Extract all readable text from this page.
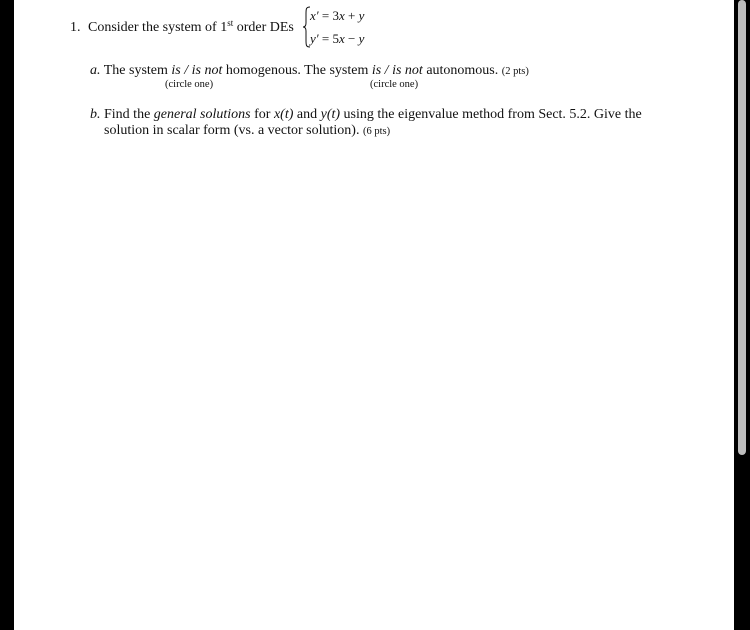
1. Consider the system of 1st order DEs
x′ = 3x + y
y′ = 5x − y
a. The system is / is not homogenous. The system is / is not autonomous. (2 pts)
(circle one)	(circle one)
b. Find the general solutions for x(t) and y(t) using the eigenvalue method from Sect. 5.2. Give the
solution in scalar form (vs. a vector solution). (6 pts)
